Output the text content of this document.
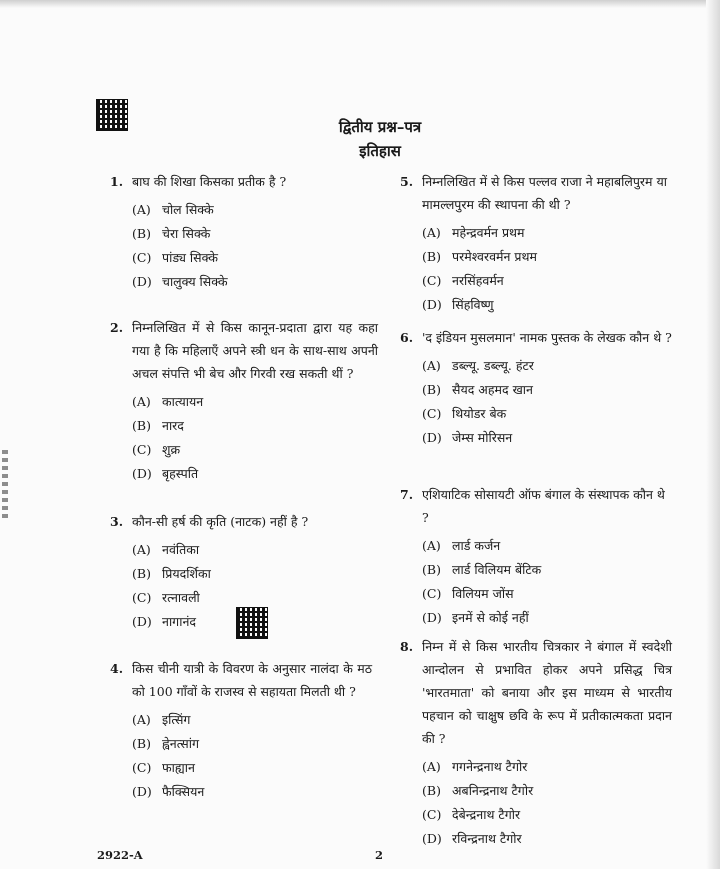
द्वितीय प्रश्न–पत्र
इतिहास
1. बाघ की शिखा किसका प्रतीक है ?
(A) चोल सिक्के
(B) चेरा सिक्के
(C) पांड्य सिक्के
(D) चालुक्य सिक्के
2. निम्नलिखित में से किस कानून-प्रदाता द्वारा यह कहा गया है कि महिलाएँ अपने स्त्री धन के साथ-साथ अपनी अचल संपत्ति भी बेच और गिरवी रख सकती थीं ?
(A) कात्यायन
(B) नारद
(C) शुक्र
(D) बृहस्पति
3. कौन-सी हर्ष की कृति (नाटक) नहीं है ?
(A) नवंतिका
(B) प्रियदर्शिका
(C) रत्नावली
(D) नागानंद
4. किस चीनी यात्री के विवरण के अनुसार नालंदा के मठ को 100 गाँवों के राजस्व से सहायता मिलती थी ?
(A) इत्सिंग
(B) ह्वेनत्सांग
(C) फाह्यान
(D) फैक्सियन
5. निम्नलिखित में से किस पल्लव राजा ने महाबलिपुरम या मामल्लपुरम की स्थापना की थी ?
(A) महेन्द्रवर्मन प्रथम
(B) परमेश्वरवर्मन प्रथम
(C) नरसिंहवर्मन
(D) सिंहविष्णु
6. 'द इंडियन मुसलमान' नामक पुस्तक के लेखक कौन थे ?
(A) डब्ल्यू. डब्ल्यू. हंटर
(B) सैयद अहमद खान
(C) थियोडर बेक
(D) जेम्स मोरिसन
7. एशियाटिक सोसायटी ऑफ बंगाल के संस्थापक कौन थे ?
(A) लार्ड कर्जन
(B) लार्ड विलियम बेंटिक
(C) विलियम जोंस
(D) इनमें से कोई नहीं
8. निम्न में से किस भारतीय चित्रकार ने बंगाल में स्वदेशी आन्दोलन से प्रभावित होकर अपने प्रसिद्ध चित्र 'भारतमाता' को बनाया और इस माध्यम से भारतीय पहचान को चाक्षुष छवि के रूप में प्रतीकात्मकता प्रदान की ?
(A) गगनेन्द्रनाथ टैगोर
(B) अबनिन्द्रनाथ टैगोर
(C) देबेन्द्रनाथ टैगोर
(D) रविन्द्रनाथ टैगोर
2922-A	2
